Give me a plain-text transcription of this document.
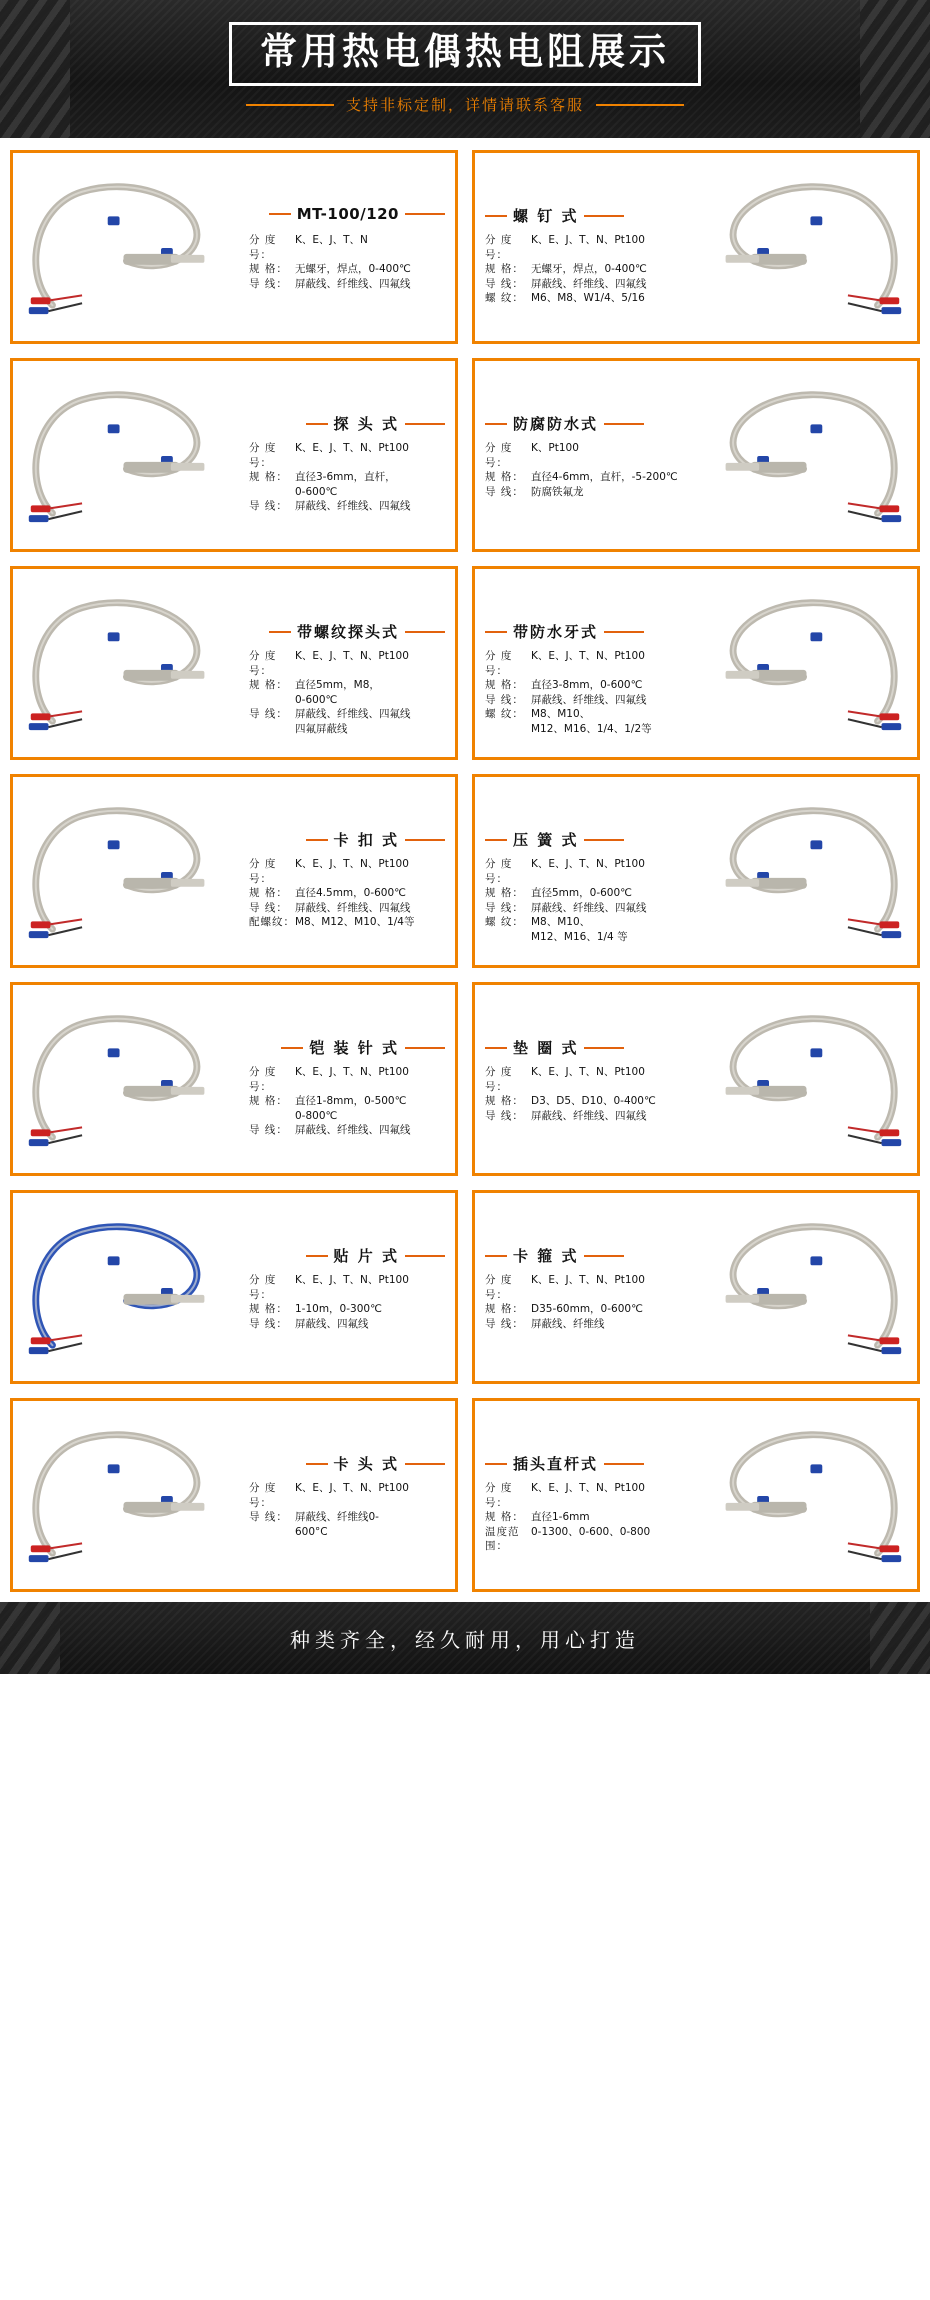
常用热电偶热电阻展示
支持非标定制，详情请联系客服
MT-100/120
分 度 号：
K、E、J、T、N
规 格： 无螺牙，焊点，0-400℃
导 线： 屏蔽线、纤维线、四氟线
螺 钉 式
分 度 号：
K、E、J、T、N、Pt100
规 格： 无螺牙，焊点，0-400℃
导 线： 屏蔽线、纤维线、四氟线
螺 纹： M6、M8、W1/4、5/16
探 头 式
分 度 号：
K、E、J、T、N、Pt100
规 格： 直径3-6mm，直杆，
0-600℃
导 线： 屏蔽线、纤维线、四氟线
防腐防水式
分 度 号：
K、Pt100
规 格： 直径4-6mm，直杆，-5-200℃
导 线： 防腐铁氟龙
带螺纹探头式
分 度 号：
K、E、J、T、N、Pt100
规 格： 直径5mm，M8，
0-600℃
导 线： 屏蔽线、纤维线、四氟线
四氟屏蔽线
带防水牙式
分 度 号：
K、E、J、T、N、Pt100
规 格： 直径3-8mm，0-600℃
导 线： 屏蔽线、纤维线、四氟线
螺 纹： M8、M10、
M12、M16、1/4、1/2等
卡 扣 式
分 度 号：
K、E、J、T、N、Pt100
规 格： 直径4.5mm，0-600℃
导 线： 屏蔽线、纤维线、四氟线
配螺纹： M8、M12、M10、1/4等
压 簧 式
分 度 号：
K、E、J、T、N、Pt100
规 格： 直径5mm，0-600℃
导 线： 屏蔽线、纤维线、四氟线
螺 纹： M8、M10、
M12、M16、1/4 等
铠 装 针 式
分 度 号：
K、E、J、T、N、Pt100
规 格： 直径1-8mm，0-500℃
0-800℃
导 线： 屏蔽线、纤维线、四氟线
垫 圈 式
分 度 号：
K、E、J、T、N、Pt100
规 格： D3、D5、D10、0-400℃
导 线： 屏蔽线、纤维线、四氟线
贴 片 式
分 度 号：
K、E、J、T、N、Pt100
规 格： 1-10m，0-300℃
导 线： 屏蔽线、四氟线
卡 箍 式
分 度 号：
K、E、J、T、N、Pt100
规 格： D35-60mm，0-600℃
导 线： 屏蔽线、纤维线
卡 头 式
分 度 号：
K、E、J、T、N、Pt100
导 线： 屏蔽线、纤维线0-
600°C
插头直杆式
分 度 号：
K、E、J、T、N、Pt100
规 格： 直径1-6mm
温度范围：
0-1300、0-600、0-800
种类齐全，经久耐用，用心打造
